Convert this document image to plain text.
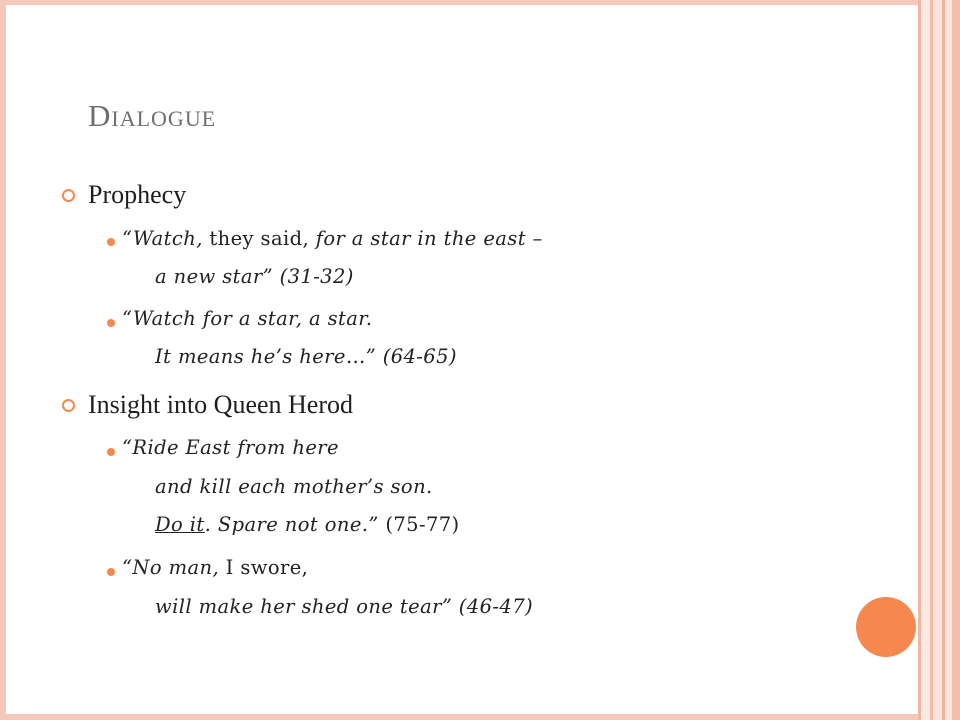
Dialogue
Prophecy
“Watch, they said, for a star in the east –
a new star” (31-32)
“Watch for a star, a star.
It means he’s here…” (64-65)
Insight into Queen Herod
“Ride East from here
and kill each mother’s son.
Do it. Spare not one.” (75-77)
“No man, I swore,
will make her shed one tear” (46-47)
